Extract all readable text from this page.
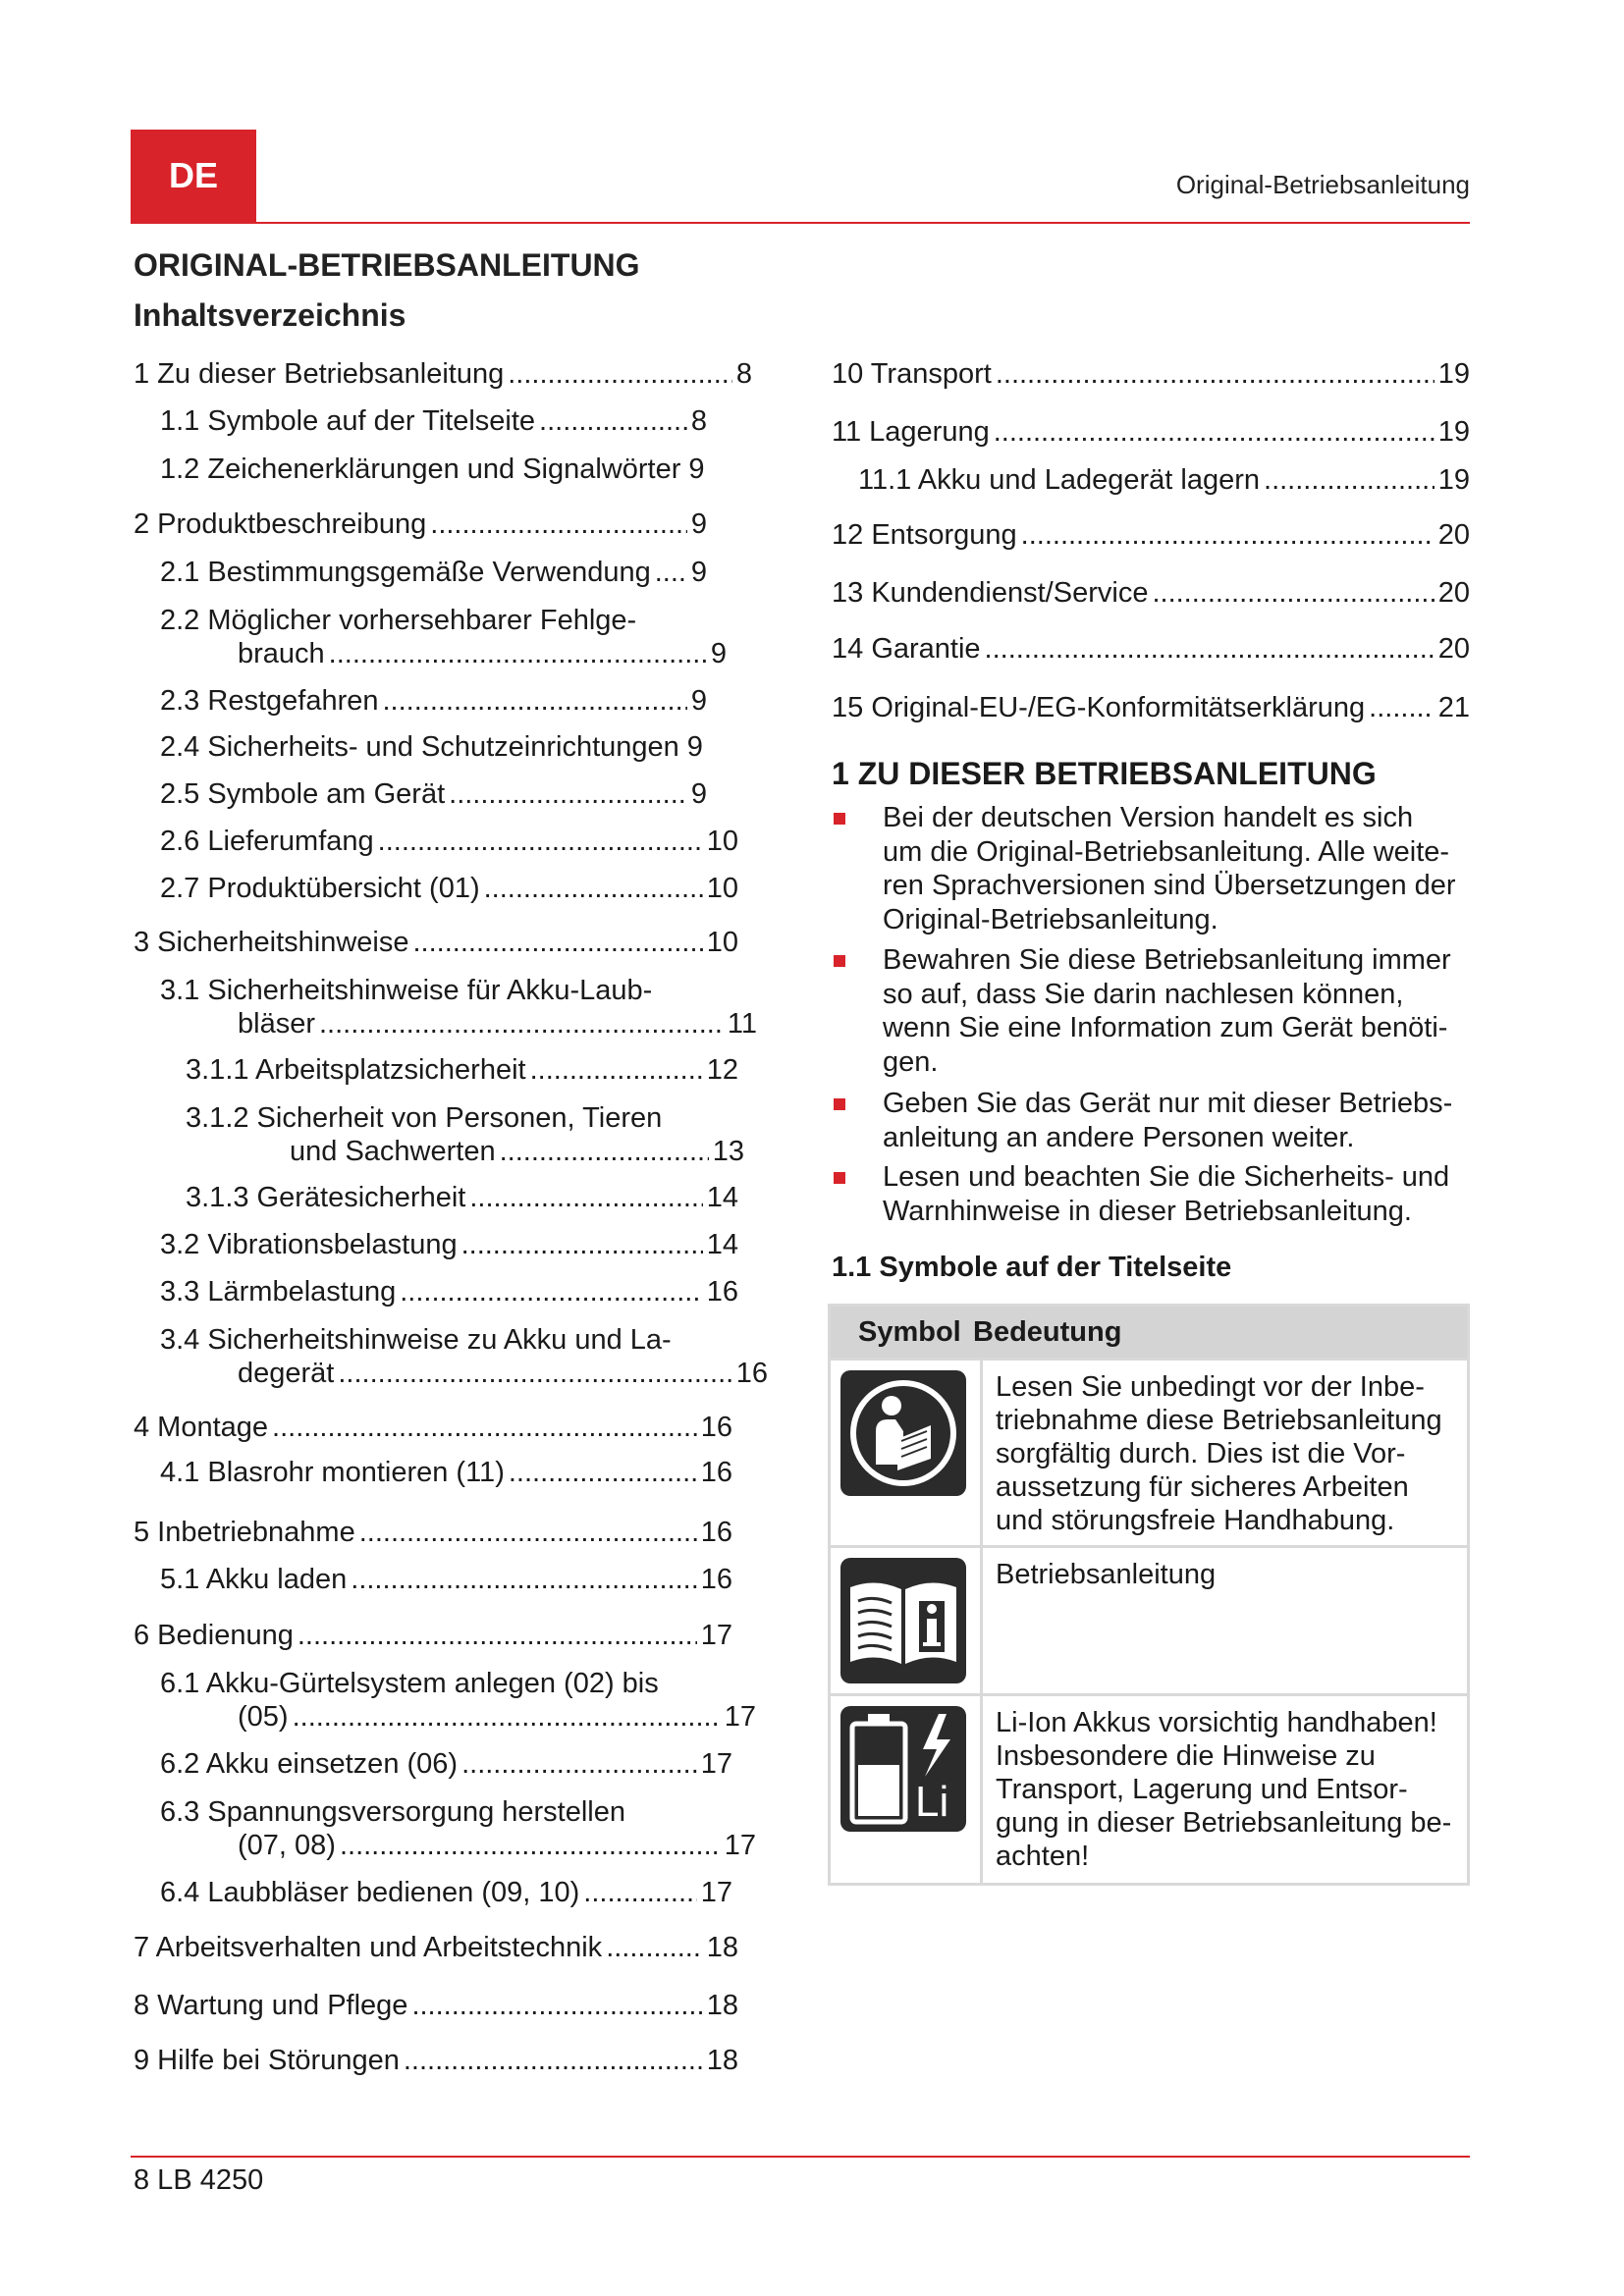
DE	Original-Betriebsanleitung
ORIGINAL-BETRIEBSANLEITUNG
Inhaltsverzeichnis
1 Zu dieser Betriebsanleitung .....	8
1.1 Symbole auf der Titelseite .....	8
1.2 Zeichenerklärungen und Signalwörter 9
2 Produktbeschreibung .....	9
2.1 Bestimmungsgemäße Verwendung ..... 9
2.2 Möglicher vorhersehbarer Fehlge-
brauch .....	9
2.3 Restgefahren .....	9
2.4 Sicherheits- und Schutzeinrichtungen 9
2.5 Symbole am Gerät .....	9
2.6 Lieferumfang .....	10
2.7 Produktübersicht (01) .....	10
3 Sicherheitshinweise .....	10
3.1 Sicherheitshinweise für Akku-Laub-
bläser .....	11
3.1.1 Arbeitsplatzsicherheit .....	12
3.1.2 Sicherheit von Personen, Tieren
und Sachwerten .....	13
3.1.3 Gerätesicherheit .....	14
3.2 Vibrationsbelastung .....	14
3.3 Lärmbelastung .....	16
3.4 Sicherheitshinweise zu Akku und La-
degerät .....	16
4 Montage .....	16
4.1 Blasrohr montieren (11) .....	16
5 Inbetriebnahme .....	16
5.1 Akku laden .....	16
6 Bedienung .....	17
6.1 Akku-Gürtelsystem anlegen (02) bis
(05) .....	17
6.2 Akku einsetzen (06) .....	17
6.3 Spannungsversorgung herstellen
(07, 08) .....	17
6.4 Laubbläser bedienen (09, 10) .....	17
7 Arbeitsverhalten und Arbeitstechnik .....	18
8 Wartung und Pflege .....	18
9 Hilfe bei Störungen .....	18
10 Transport .....	19
11 Lagerung .....	19
11.1 Akku und Ladegerät lagern .....	19
12 Entsorgung .....	20
13 Kundendienst/Service .....	20
14 Garantie .....	20
15 Original-EU-/EG-Konformitätserklärung .....	21
1 ZU DIESER BETRIEBSANLEITUNG
Bei der deutschen Version handelt es sich
um die Original-Betriebsanleitung. Alle weite-
ren Sprachversionen sind Übersetzungen der
Original-Betriebsanleitung.
Bewahren Sie diese Betriebsanleitung immer
so auf, dass Sie darin nachlesen können,
wenn Sie eine Information zum Gerät benöti-
gen.
Geben Sie das Gerät nur mit dieser Betriebs-
anleitung an andere Personen weiter.
Lesen und beachten Sie die Sicherheits- und
Warnhinweise in dieser Betriebsanleitung.
1.1 Symbole auf der Titelseite
Symbol Bedeutung
Lesen Sie unbedingt vor der Inbe-
triebnahme diese Betriebsanleitung
sorgfältig durch. Dies ist die Vor-
aussetzung für sicheres Arbeiten
und störungsfreie Handhabung.
Betriebsanleitung
Li
Li-Ion Akkus vorsichtig handhaben!
Insbesondere die Hinweise zu
Transport, Lagerung und Entsor-
gung in dieser Betriebsanleitung be-
achten!
8 LB 4250
